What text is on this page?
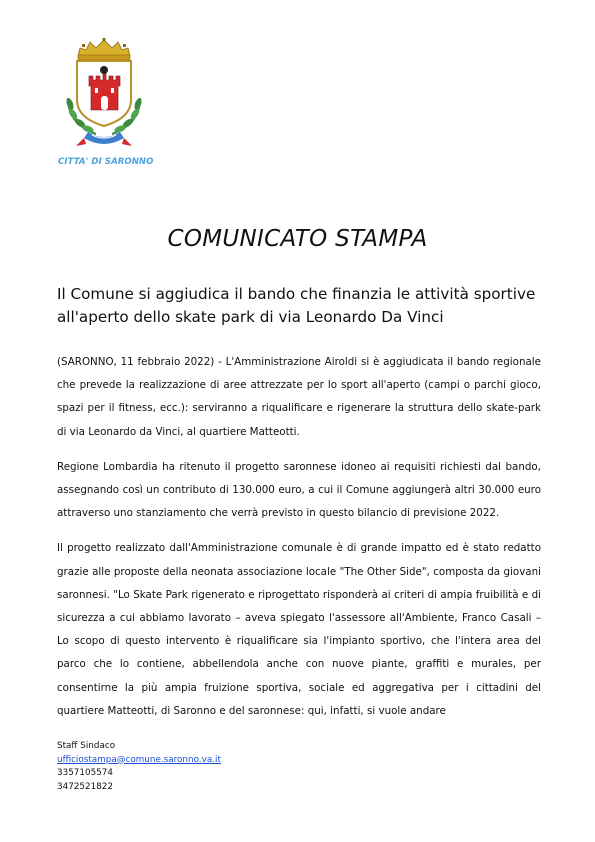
CITTA' DI SARONNO
COMUNICATO STAMPA
Il Comune si aggiudica il bando che finanzia le attività sportive all'aperto dello skate park di via Leonardo Da Vinci

(SARONNO, 11 febbraio 2022) - L'Amministrazione Airoldi si è aggiudicata il bando regionale che prevede la realizzazione di aree attrezzate per lo sport all'aperto (campi o parchi gioco, spazi per il fitness, ecc.): serviranno a riqualificare e rigenerare la struttura dello skate-park di via Leonardo da Vinci, al quartiere Matteotti.

Regione Lombardia ha ritenuto il progetto saronnese idoneo ai requisiti richiesti dal bando, assegnando così un contributo di 130.000 euro, a cui il Comune aggiungerà altri 30.000 euro attraverso uno stanziamento che verrà previsto in questo bilancio di previsione 2022.

Il progetto realizzato dall'Amministrazione comunale è di grande impatto ed è stato redatto grazie alle proposte della neonata associazione locale "The Other Side", composta da giovani saronnesi. "Lo Skate Park rigenerato e riprogettato risponderà ai criteri di ampia fruibilità e di sicurezza a cui abbiamo lavorato – aveva spiegato l'assessore all'Ambiente, Franco Casali – Lo scopo di questo intervento è riqualificare sia l'impianto sportivo, che l'intera area del parco che lo contiene, abbellendola anche con nuove piante, graffiti e murales, per consentirne la più ampia fruizione sportiva, sociale ed aggregativa per i cittadini del quartiere Matteotti, di Saronno e del saronnese: qui, infatti, si vuole andare

Staff Sindaco
ufficiostampa@comune.saronno.va.it
3357105574
3472521822
